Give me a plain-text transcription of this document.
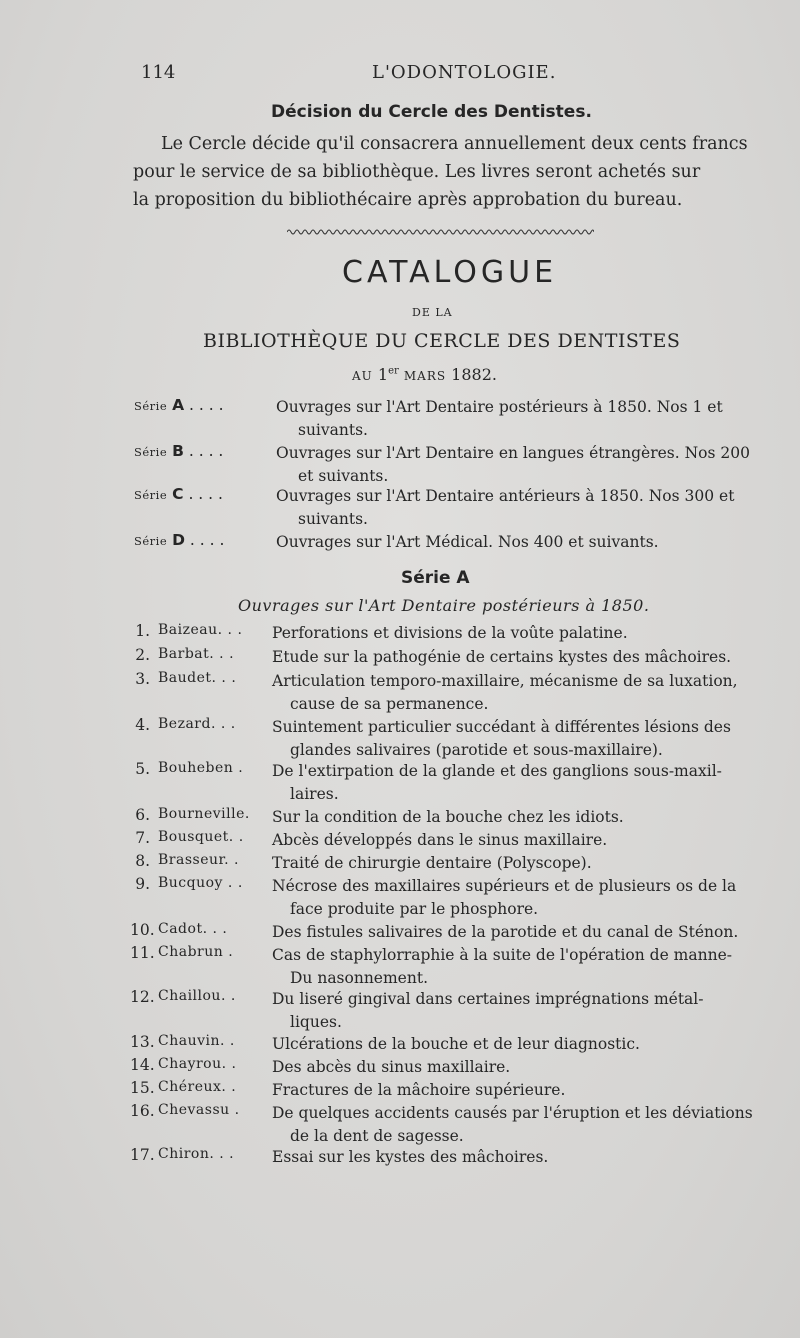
114	L'ODONTOLOGIE.
Décision du Cercle des Dentistes.
Le Cercle décide qu'il consacrera annuellement deux cents francs
pour le service de sa bibliothèque. Les livres seront achetés sur
la proposition du bibliothécaire après approbation du bureau.
CATALOGUE
DE LA
BIBLIOTHÈQUE DU CERCLE DES DENTISTES
AU 1er MARS 1882.
Série A . . . .	Ouvrages sur l'Art Dentaire postérieurs à 1850. Nos 1 et
suivants.
Série B . . . .	Ouvrages sur l'Art Dentaire en langues étrangères. Nos 200
et suivants.
Série C . . . .	Ouvrages sur l'Art Dentaire antérieurs à 1850. Nos 300 et
suivants.
Série D . . . .	Ouvrages sur l'Art Médical. Nos 400 et suivants.
Série A
Ouvrages sur l'Art Dentaire postérieurs à 1850.
1. Baizeau. . . Perforations et divisions de la voûte palatine.
2. Barbat. . . Etude sur la pathogénie de certains kystes des mâchoires.
3. Baudet. . . Articulation temporo-maxillaire, mécanisme de sa luxation,
cause de sa permanence.
4. Bezard. . . Suintement particulier succédant à différentes lésions des
glandes salivaires (parotide et sous-maxillaire).
5. Bouheben . De l'extirpation de la glande et des ganglions sous-maxil-
laires.
6. Bourneville. Sur la condition de la bouche chez les idiots.
7. Bousquet. . Abcès développés dans le sinus maxillaire.
8. Brasseur. . Traité de chirurgie dentaire (Polyscope).
9. Bucquoy . . Nécrose des maxillaires supérieurs et de plusieurs os de la
face produite par le phosphore.
10. Cadot. . .	Des fistules salivaires de la parotide et du canal de Sténon.
11. Chabrun .	Cas de staphylorraphie à la suite de l'opération de manne-
Du nasonnement.
12. Chaillou. . Du liseré gingival dans certaines imprégnations métal-
liques.
13. Chauvin. . Ulcérations de la bouche et de leur diagnostic.
14. Chayrou. . Des abcès du sinus maxillaire.
15. Chéreux. . Fractures de la mâchoire supérieure.
16. Chevassu . De quelques accidents causés par l'éruption et les déviations
de la dent de sagesse.
17. Chiron. . . Essai sur les kystes des mâchoires.
